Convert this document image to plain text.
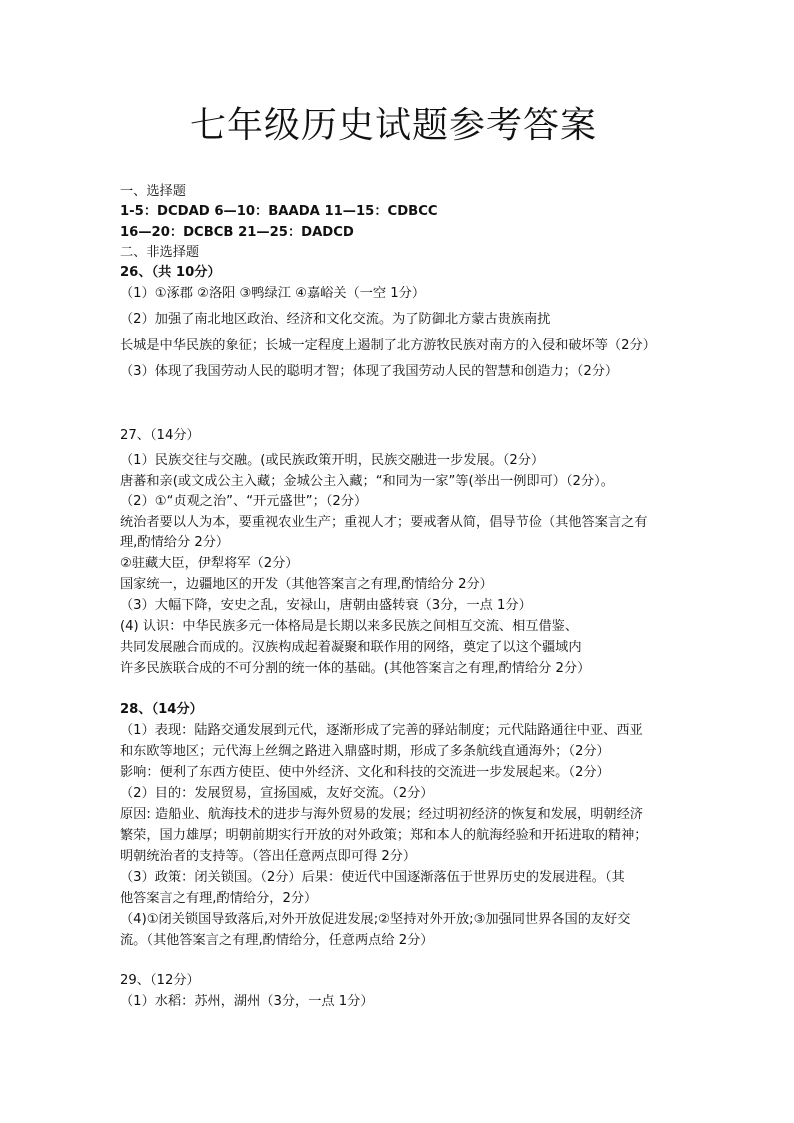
七年级历史试题参考答案
一、选择题
1-5：DCDAD 6—10：BAADA 11—15：CDBCC
16—20：DCBCB 21—25：DADCD
二、非选择题
26、（共 10分）
（1）①涿郡 ②洛阳 ③鸭绿江 ④嘉峪关（一空 1分）
（2）加强了南北地区政治、经济和文化交流。为了防御北方蒙古贵族南扰
长城是中华民族的象征；长城一定程度上遏制了北方游牧民族对南方的入侵和破坏等（2分）
（3）体现了我国劳动人民的聪明才智；体现了我国劳动人民的智慧和创造力；（2分）
27、（14分）
（1）民族交往与交融。(或民族政策开明，民族交融进一步发展。（2分）
唐蕃和亲(或文成公主入藏；金城公主入藏；“和同为一家”等(举出一例即可）（2分）。
（2）①“贞观之治”、“开元盛世”；（2分）
统治者要以人为本，要重视农业生产；重视人才；要戒奢从简，倡导节俭（其他答案言之有
理,酌情给分 2分）
②驻藏大臣，伊犁将军（2分）
国家统一，边疆地区的开发（其他答案言之有理,酌情给分 2分）
（3）大幅下降，安史之乱，安禄山，唐朝由盛转衰（3分，一点 1分）
(4) 认识：中华民族多元一体格局是长期以来多民族之间相互交流、相互借鉴、
共同发展融合而成的。汉族构成起着凝聚和联作用的网络，奠定了以这个疆域内
许多民族联合成的不可分割的统一体的基础。(其他答案言之有理,酌情给分 2分）
28、（14分）
（1）表现：陆路交通发展到元代，逐渐形成了完善的驿站制度；元代陆路通往中亚、西亚
和东欧等地区；元代海上丝绸之路进入鼎盛时期，形成了多条航线直通海外；（2分）
影响：便利了东西方使臣、使中外经济、文化和科技的交流进一步发展起来。（2分）
（2）目的：发展贸易，宣扬国威，友好交流。（2分）
原因: 造船业、航海技术的进步与海外贸易的发展；经过明初经济的恢复和发展，明朝经济
繁荣，国力雄厚；明朝前期实行开放的对外政策；郑和本人的航海经验和开拓进取的精神；
明朝统治者的支持等。（答出任意两点即可得 2分）
（3）政策：闭关锁国。（2分）后果：使近代中国逐渐落伍于世界历史的发展进程。（其
他答案言之有理,酌情给分，2分）
（4)①闭关锁国导致落后,对外开放促进发展;②坚持对外开放;③加强同世界各国的友好交
流。（其他答案言之有理,酌情给分，任意两点给 2分）
29、（12分）
（1）水稻：苏州，湖州（3分，一点 1分）
